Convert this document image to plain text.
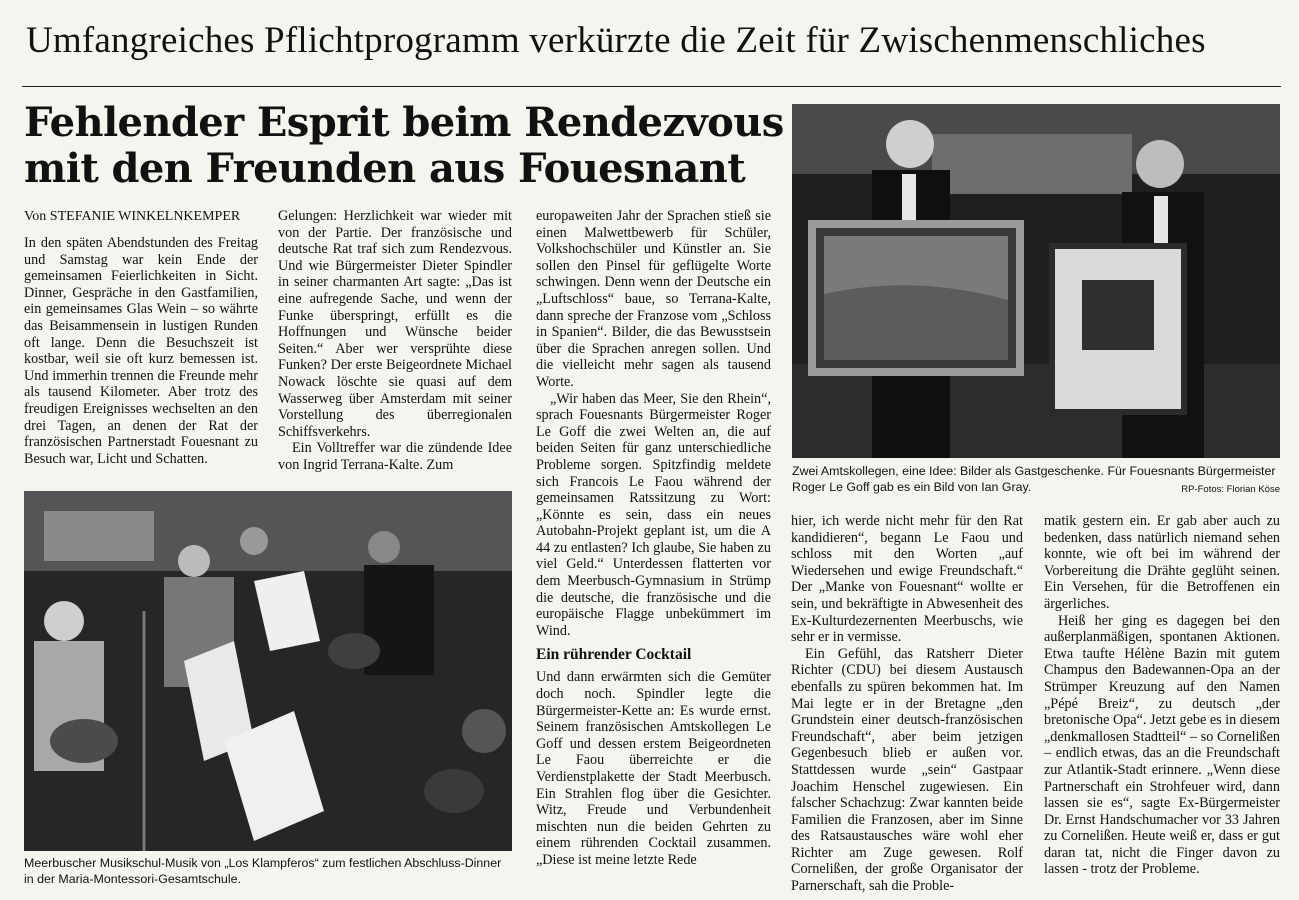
Umfangreiches Pflichtprogramm verkürzte die Zeit für Zwischenmenschliches
Fehlender Esprit beim Rendezvous
mit den Freunden aus Fouesnant
Von STEFANIE WINKELNKEMPER

In den späten Abendstunden des Freitag und Samstag war kein Ende der gemeinsamen Feierlichkeiten in Sicht. Dinner, Gespräche in den Gastfamilien, ein gemeinsames Glas Wein – so währte das Beisammensein in lustigen Runden oft lange. Denn die Besuchszeit ist kostbar, weil sie oft kurz bemessen ist. Und immerhin trennen die Freunde mehr als tausend Kilometer. Aber trotz des freudigen Ereignisses wechselten an den drei Tagen, an denen der Rat der französischen Partnerstadt Fouesnant zu Besuch war, Licht und Schatten.

Gelungen: Herzlichkeit war wieder mit von der Partie. Der französische und deutsche Rat traf sich zum Rendezvous. Und wie Bürgermeister Dieter Spindler in seiner charmanten Art sagte: „Das ist eine aufregende Sache, und wenn der Funke überspringt, erfüllt es die Hoffnungen und Wünsche beider Seiten.“ Aber wer versprühte diese Funken? Der erste Beigeordnete Michael Nowack löschte sie quasi auf dem Wasserweg über Amsterdam mit seiner Vorstellung des überregionalen Schiffsverkehrs.

Ein Volltreffer war die zündende Idee von Ingrid Terrana-Kalte. Zum

europaweiten Jahr der Sprachen stieß sie einen Malwettbewerb für Schüler, Volkshochschüler und Künstler an. Sie sollen den Pinsel für geflügelte Worte schwingen. Denn wenn der Deutsche ein „Luftschloss“ baue, so Terrana-Kalte, dann spreche der Franzose vom „Schloss in Spanien“. Bilder, die das Bewusstsein über die Sprachen anregen sollen. Und die vielleicht mehr sagen als tausend Worte.

„Wir haben das Meer, Sie den Rhein“, sprach Fouesnants Bürgermeister Roger Le Goff die zwei Welten an, die auf beiden Seiten für ganz unterschiedliche Probleme sorgen. Spitzfindig meldete sich Francois Le Faou während der gemeinsamen Ratssitzung zu Wort: „Könnte es sein, dass ein neues Autobahn-Projekt geplant ist, um die A 44 zu entlasten? Ich glaube, Sie haben zu viel Geld.“ Unterdessen flatterten vor dem Meerbusch-Gymnasium in Strümp die deutsche, die französische und die europäische Flagge unbekümmert im Wind.

Ein rührender Cocktail

Und dann erwärmten sich die Gemüter doch noch. Spindler legte die Bürgermeister-Kette an: Es wurde ernst. Seinem französischen Amtskollegen Le Goff und dessen erstem Beigeordneten Le Faou überreichte er die Verdienstplakette der Stadt Meerbusch. Ein Strahlen flog über die Gesichter. Witz, Freude und Verbundenheit mischten nun die beiden Gehrten zu einem rührenden Cocktail zusammen. „Diese ist meine letzte Rede

hier, ich werde nicht mehr für den Rat kandidieren“, begann Le Faou und schloss mit den Worten „auf Wiedersehen und ewige Freundschaft.“ Der „Manke von Fouesnant“ wollte er sein, und bekräftigte in Abwesenheit des Ex-Kulturdezernenten Meerbuschs, wie sehr er in vermisse.

Ein Gefühl, das Ratsherr Dieter Richter (CDU) bei diesem Austausch ebenfalls zu spüren bekommen hat. Im Mai legte er in der Bretagne „den Grundstein einer deutsch-französischen Freundschaft“, aber beim jetzigen Gegenbesuch blieb er außen vor. Stattdessen wurde „sein“ Gastpaar Joachim Henschel zugewiesen. Ein falscher Schachzug: Zwar kannten beide Familien die Franzosen, aber im Sinne des Ratsaustausches wäre wohl eher Richter am Zuge gewesen. Rolf Cornelißen, der große Organisator der Parnerschaft, sah die Proble-

matik gestern ein. Er gab aber auch zu bedenken, dass natürlich niemand sehen konnte, wie oft bei im während der Vorbereitung die Drähte geglüht seinen. Ein Versehen, für die Betroffenen ein ärgerliches.

Heiß her ging es dagegen bei den außerplanmäßigen, spontanen Aktionen. Etwa taufte Hélène Bazin mit gutem Champus den Badewannen-Opa an der Strümper Kreuzung auf den Namen „Pépé Breiz“, zu deutsch „der bretonische Opa“. Jetzt gebe es in diesem „denkmallosen Stadtteil“ – so Cornelißen – endlich etwas, das an die Freundschaft zur Atlantik-Stadt erinnere. „Wenn diese Partnerschaft ein Strohfeuer wird, dann lassen sie es“, sagte Ex-Bürgermeister Dr. Ernst Handschumacher vor 33 Jahren zu Cornelißen. Heute weiß er, dass er gut daran tat, nicht die Finger davon zu lassen - trotz der Probleme.

Zwei Amtskollegen, eine Idee: Bilder als Gastgeschenke. Für Fouesnants Bürgermeister Roger Le Goff gab es ein Bild von Ian Gray.	RP-Fotos: Florian Köse
Meerbuscher Musikschul-Musik von „Los Klampferos“ zum festlichen Abschluss-Dinner in der Maria-Montessori-Gesamtschule.
